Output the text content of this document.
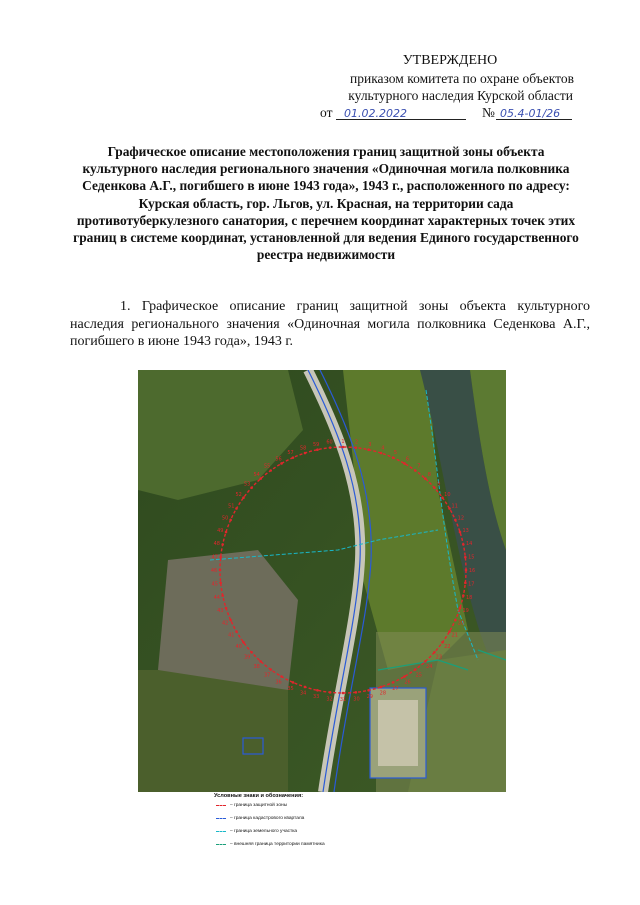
УТВЕРЖДЕНО
приказом комитета по охране объектов
культурного наследия Курской области
от 01.02.2022	№ 05.4-01/26
Графическое описание местоположения границ защитной зоны объекта культурного наследия регионального значения «Одиночная могила полковника Седенкова А.Г., погибшего в июне 1943 года», 1943 г., расположенного по адресу: Курская область, гор. Льгов, ул. Красная, на территории сада противотуберкулезного санатория, с перечнем координат характерных точек этих границ в системе координат, установленной для ведения Единого государственного реестра недвижимости
1. Графическое описание границ защитной зоны объекта культурного наследия регионального значения «Одиночная могила полковника Седенкова А.Г., погибшего в июне 1943 года», 1943 г.
1 2 3
4
5
6
7
8
9
10
11
12
13
14
15
16
17
18
19
20
21
22
23
24
25
26
27
28
29
30
31
32
33
34
35
36
37
38
39
40
41
42
43
44
45
46
47
48
49
50
51
52
53
54
55
56
57
58
59 60
Условные знаки и обозначения:
– граница защитной зоны
– граница кадастрового квартала
– граница земельного участка
– внешняя граница территории памятника
